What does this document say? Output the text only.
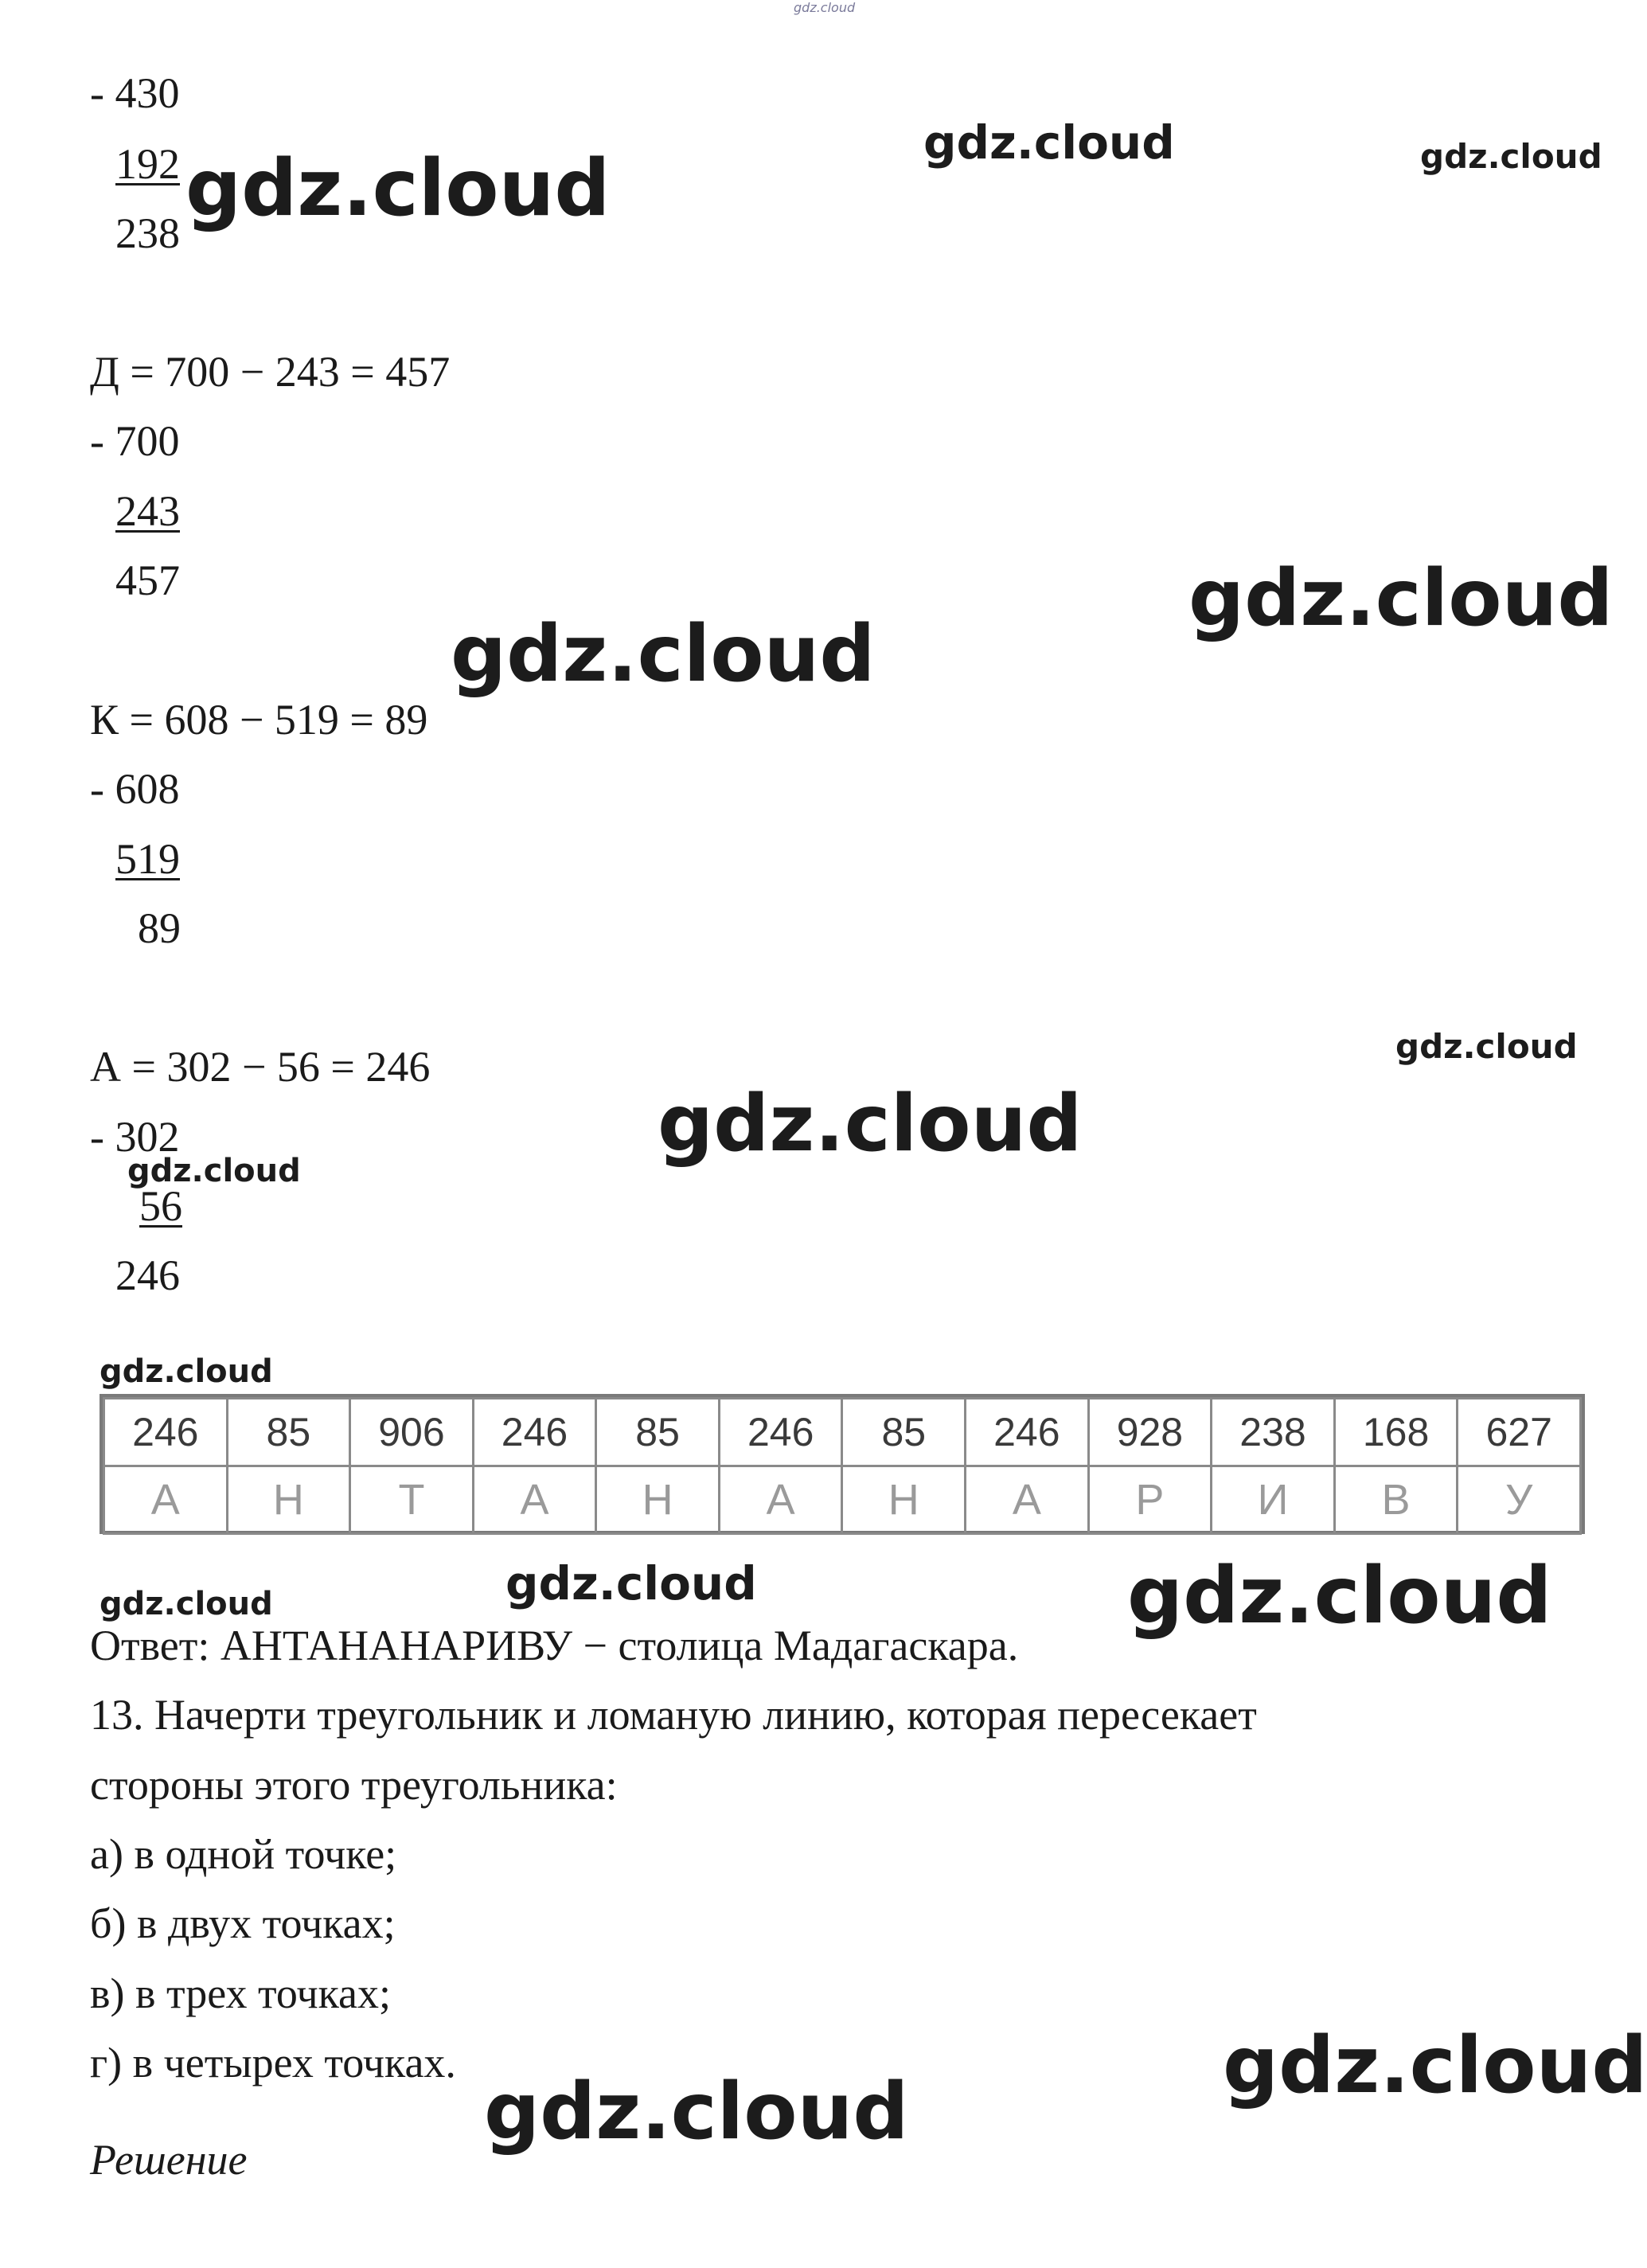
gdz.cloud
- 430
192
238
Д = 700 − 243 = 457
- 700
243
457
К = 608 − 519 = 89
- 608
519
89
А = 302 − 56 = 246
- 302
56
246
246	85	906	246	85	246	85	246	928	238	168	627
А	Н	Т	А	Н	А	Н	А	Р	И	В	У
Ответ: АНТАНАНАРИВУ − столица Мадагаскара.
13. Начерти треугольник и ломаную линию, которая пересекает
стороны этого треугольника:
а) в одной точке;
б) в двух точках;
в) в трех точках;
г) в четырех точках.
Решение
gdz.cloud
gdz.cloud	gdz.cloud
gdz.cloud
gdz.cloud
gdz.cloud
gdz.cloud
gdz.cloud
gdz.cloud
gdz.cloud	gdz.cloud
gdz.cloud
gdz.cloud
gdz.cloud
